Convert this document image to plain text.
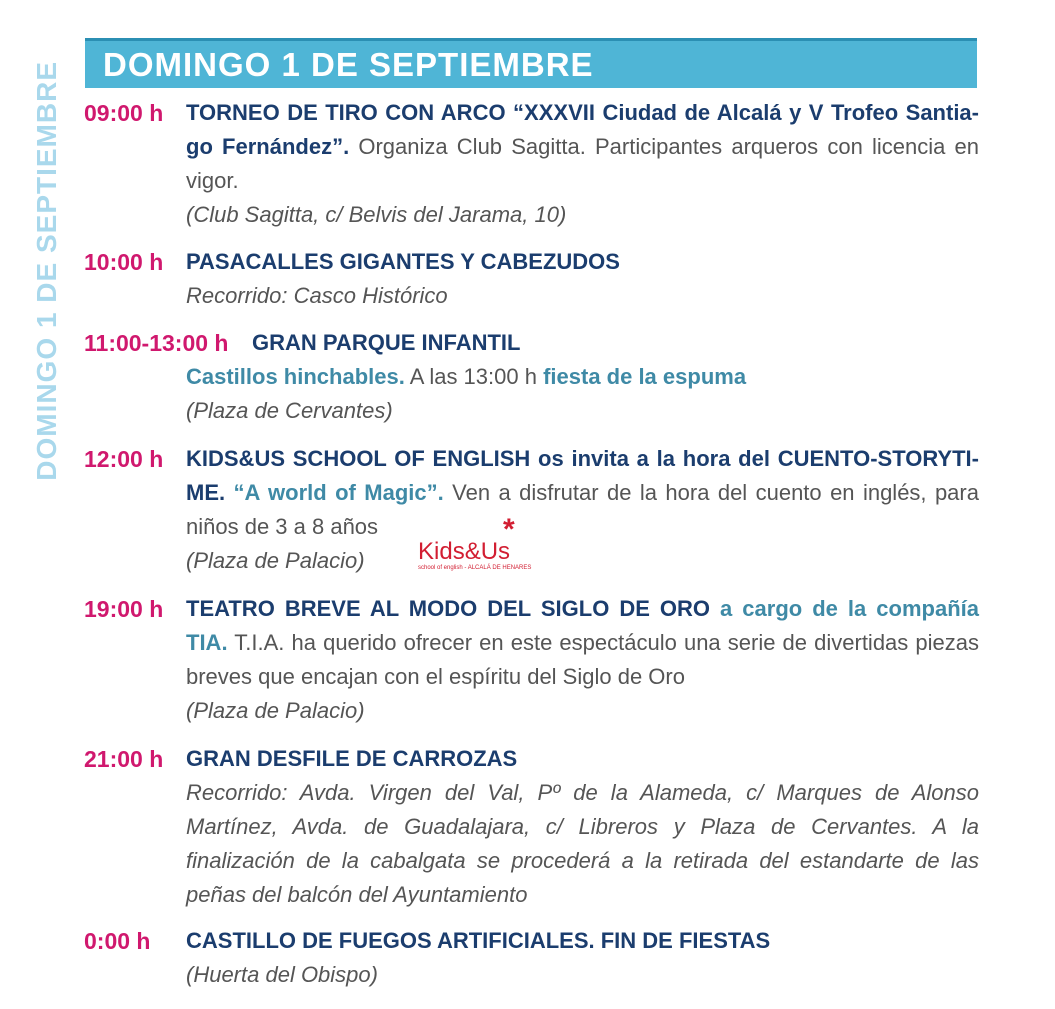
DOMINGO 1 DE SEPTIEMBRE	DOMINGO 1 DE SEPTIEMBRE
09:00 h TORNEO DE TIRO CON ARCO “XXXVII Ciudad de Alcalá y V Trofeo Santia-go Fernández”. Organiza Club Sagitta. Participantes arqueros con licencia en vigor.
(Club Sagitta, c/ Belvis del Jarama, 10)
10:00 h PASACALLES GIGANTES Y CABEZUDOS
Recorrido: Casco Histórico
11:00-13:00 h GRAN PARQUE INFANTIL
Castillos hinchables. A las 13:00 h fiesta de la espuma
(Plaza de Cervantes)
12:00 h KIDS&US SCHOOL OF ENGLISH os invita a la hora del CUENTO-STORYTI-ME. “A world of Magic”. Ven a disfrutar de la hora del cuento en inglés, para niños de 3 a 8 años
(Plaza de Palacio)
*
Kids&Us
school of english - ALCALÁ DE HENARES
19:00 h TEATRO BREVE AL MODO DEL SIGLO DE ORO a cargo de la compañía TIA. T.I.A. ha querido ofrecer en este espectáculo una serie de divertidas piezas breves que encajan con el espíritu del Siglo de Oro
(Plaza de Palacio)
21:00 h GRAN DESFILE DE CARROZAS
Recorrido: Avda. Virgen del Val, Pº de la Alameda, c/ Marques de Alonso Martínez, Avda. de Guadalajara, c/ Libreros y Plaza de Cervantes. A la finalización de la cabalgata se procederá a la retirada del estandarte de las peñas del balcón del Ayuntamiento
0:00 h CASTILLO DE FUEGOS ARTIFICIALES. FIN DE FIESTAS
(Huerta del Obispo)
